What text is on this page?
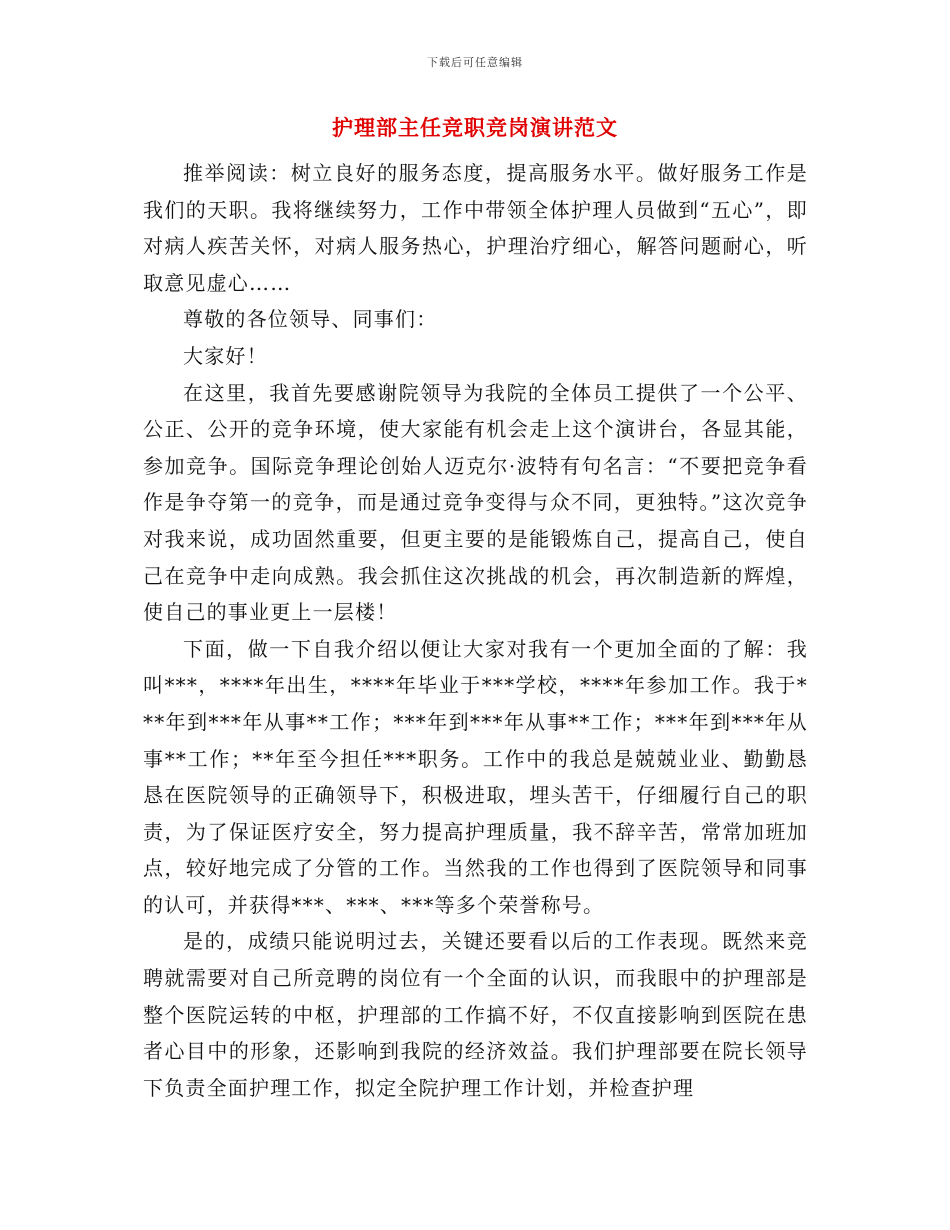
下载后可任意编辑
护理部主任竞职竞岗演讲范文

推举阅读：树立良好的服务态度，提高服务水平。做好服务工作是我们的天职。我将继续努力，工作中带领全体护理人员做到“五心”，即对病人疾苦关怀，对病人服务热心，护理治疗细心，解答问题耐心，听取意见虚心……

尊敬的各位领导、同事们：

大家好！

在这里，我首先要感谢院领导为我院的全体员工提供了一个公平、公正、公开的竞争环境，使大家能有机会走上这个演讲台，各显其能，参加竞争。国际竞争理论创始人迈克尔·波特有句名言：“不要把竞争看作是争夺第一的竞争，而是通过竞争变得与众不同，更独特。”这次竞争对我来说，成功固然重要，但更主要的是能锻炼自己，提高自己，使自己在竞争中走向成熟。我会抓住这次挑战的机会，再次制造新的辉煌，使自己的事业更上一层楼！

下面，做一下自我介绍以便让大家对我有一个更加全面的了解：我叫***，****年出生，****年毕业于***学校，****年参加工作。我于***年到***年从事**工作；***年到***年从事**工作；***年到***年从事**工作；**年至今担任***职务。工作中的我总是兢兢业业、勤勤恳恳在医院领导的正确领导下，积极进取，埋头苦干，仔细履行自己的职责，为了保证医疗安全，努力提高护理质量，我不辞辛苦，常常加班加点，较好地完成了分管的工作。当然我的工作也得到了医院领导和同事的认可，并获得***、***、***等多个荣誉称号。

是的，成绩只能说明过去，关键还要看以后的工作表现。既然来竞聘就需要对自己所竞聘的岗位有一个全面的认识，而我眼中的护理部是整个医院运转的中枢，护理部的工作搞不好，不仅直接影响到医院在患者心目中的形象，还影响到我院的经济效益。我们护理部要在院长领导下负责全面护理工作，拟定全院护理工作计划，并检查护理
